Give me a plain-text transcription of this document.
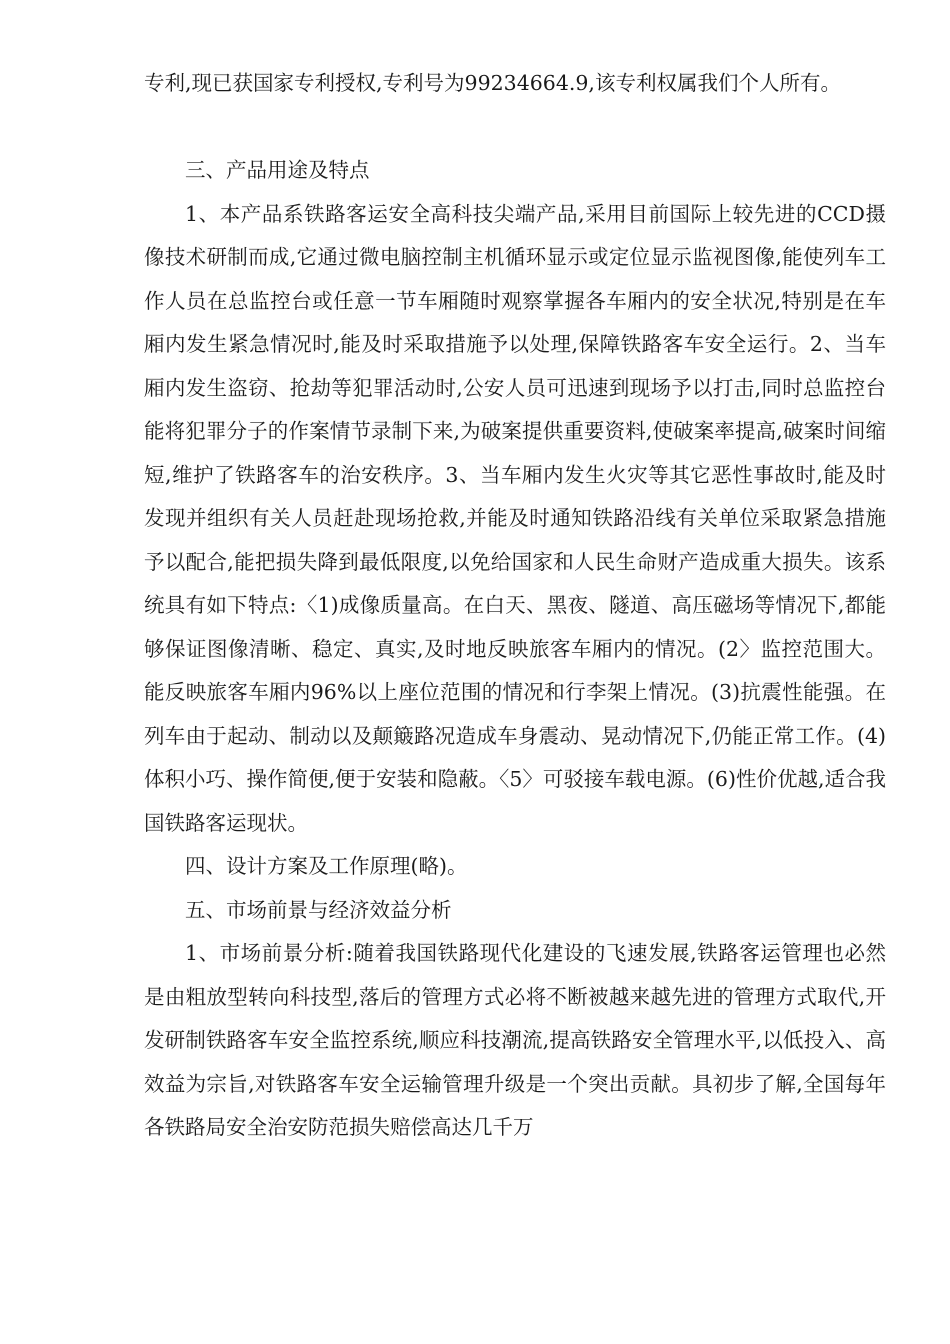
专利,现已获国家专利授权,专利号为99234664.9,该专利权属我们个人所有。

三、产品用途及特点

1、本产品系铁路客运安全高科技尖端产品,采用目前国际上较先进的CCD摄像技术研制而成,它通过微电脑控制主机循环显示或定位显示监视图像,能使列车工作人员在总监控台或任意一节车厢随时观察掌握各车厢内的安全状况,特别是在车厢内发生紧急情况时,能及时采取措施予以处理,保障铁路客车安全运行。2、当车厢内发生盗窃、抢劫等犯罪活动时,公安人员可迅速到现场予以打击,同时总监控台能将犯罪分子的作案情节录制下来,为破案提供重要资料,使破案率提高,破案时间缩短,维护了铁路客车的治安秩序。3、当车厢内发生火灾等其它恶性事故时,能及时发现并组织有关人员赶赴现场抢救,并能及时通知铁路沿线有关单位采取紧急措施予以配合,能把损失降到最低限度,以免给国家和人民生命财产造成重大损失。该系统具有如下特点:〈1)成像质量高。在白天、黑夜、隧道、高压磁场等情况下,都能够保证图像清晰、稳定、真实,及时地反映旅客车厢内的情况。(2〉监控范围大。能反映旅客车厢内96%以上座位范围的情况和行李架上情况。(3)抗震性能强。在列车由于起动、制动以及颠簸路况造成车身震动、晃动情况下,仍能正常工作。(4)体积小巧、操作简便,便于安装和隐蔽。〈5〉可驳接车载电源。(6)性价优越,适合我国铁路客运现状。

四、设计方案及工作原理(略)。

五、市场前景与经济效益分析

1、市场前景分析:随着我国铁路现代化建设的飞速发展,铁路客运管理也必然是由粗放型转向科技型,落后的管理方式必将不断被越来越先进的管理方式取代,开发研制铁路客车安全监控系统,顺应科技潮流,提高铁路安全管理水平,以低投入、高效益为宗旨,对铁路客车安全运输管理升级是一个突出贡献。具初步了解,全国每年各铁路局安全治安防范损失赔偿高达几千万
